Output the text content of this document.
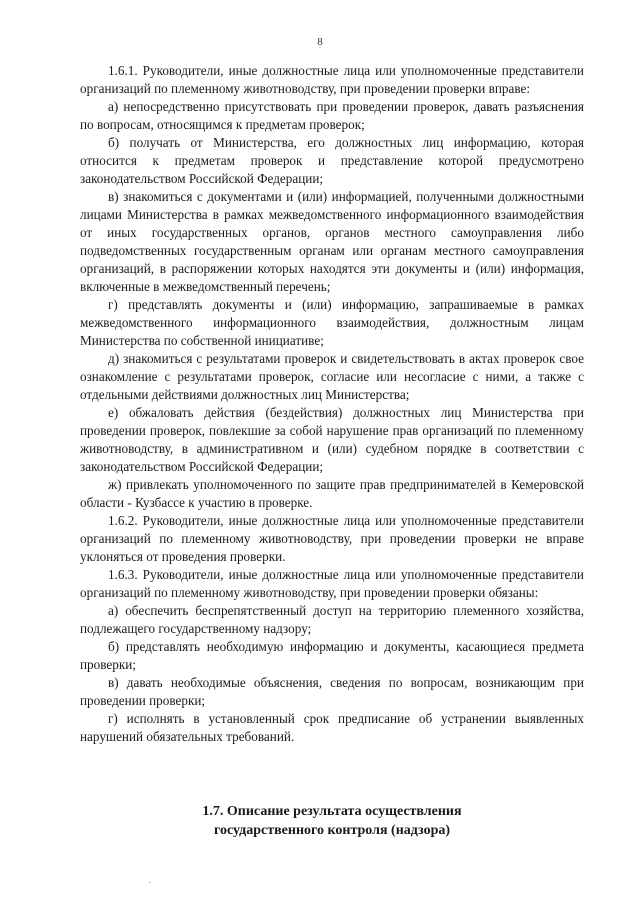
8

1.6.1. Руководители, иные должностные лица или уполномоченные представители организаций по племенному животноводству, при проведении проверки вправе:

а) непосредственно присутствовать при проведении проверок, давать разъяснения по вопросам, относящимся к предметам проверок;

б) получать от Министерства, его должностных лиц информацию, которая относится к предметам проверок и представление которой предусмотрено законодательством Российской Федерации;

в) знакомиться с документами и (или) информацией, полученными должностными лицами Министерства в рамках межведомственного информационного взаимодействия от иных государственных органов, органов местного самоуправления либо подведомственных государственным органам или органам местного самоуправления организаций, в распоряжении которых находятся эти документы и (или) информация, включенные в межведомственный перечень;

г) представлять документы и (или) информацию, запрашиваемые в рамках межведомственного информационного взаимодействия, должностным лицам Министерства по собственной инициативе;

д) знакомиться с результатами проверок и свидетельствовать в актах проверок свое ознакомление с результатами проверок, согласие или несогласие с ними, а также с отдельными действиями должностных лиц Министерства;

е) обжаловать действия (бездействия) должностных лиц Министерства при проведении проверок, повлекшие за собой нарушение прав организаций по племенному животноводству, в административном и (или) судебном порядке в соответствии с законодательством Российской Федерации;

ж) привлекать уполномоченного по защите прав предпринимателей в Кемеровской области - Кузбассе к участию в проверке.

1.6.2. Руководители, иные должностные лица или уполномоченные представители организаций по племенному животноводству, при проведении проверки не вправе уклоняться от проведения проверки.

1.6.3. Руководители, иные должностные лица или уполномоченные представители организаций по племенному животноводству, при проведении проверки обязаны:

а) обеспечить беспрепятственный доступ на территорию племенного хозяйства, подлежащего государственному надзору;

б) представлять необходимую информацию и документы, касающиеся предмета проверки;

в) давать необходимые объяснения, сведения по вопросам, возникающим при проведении проверки;

г) исполнять в установленный срок предписание об устранении выявленных нарушений обязательных требований.

1.7. Описание результата осуществления
государственного контроля (надзора)
